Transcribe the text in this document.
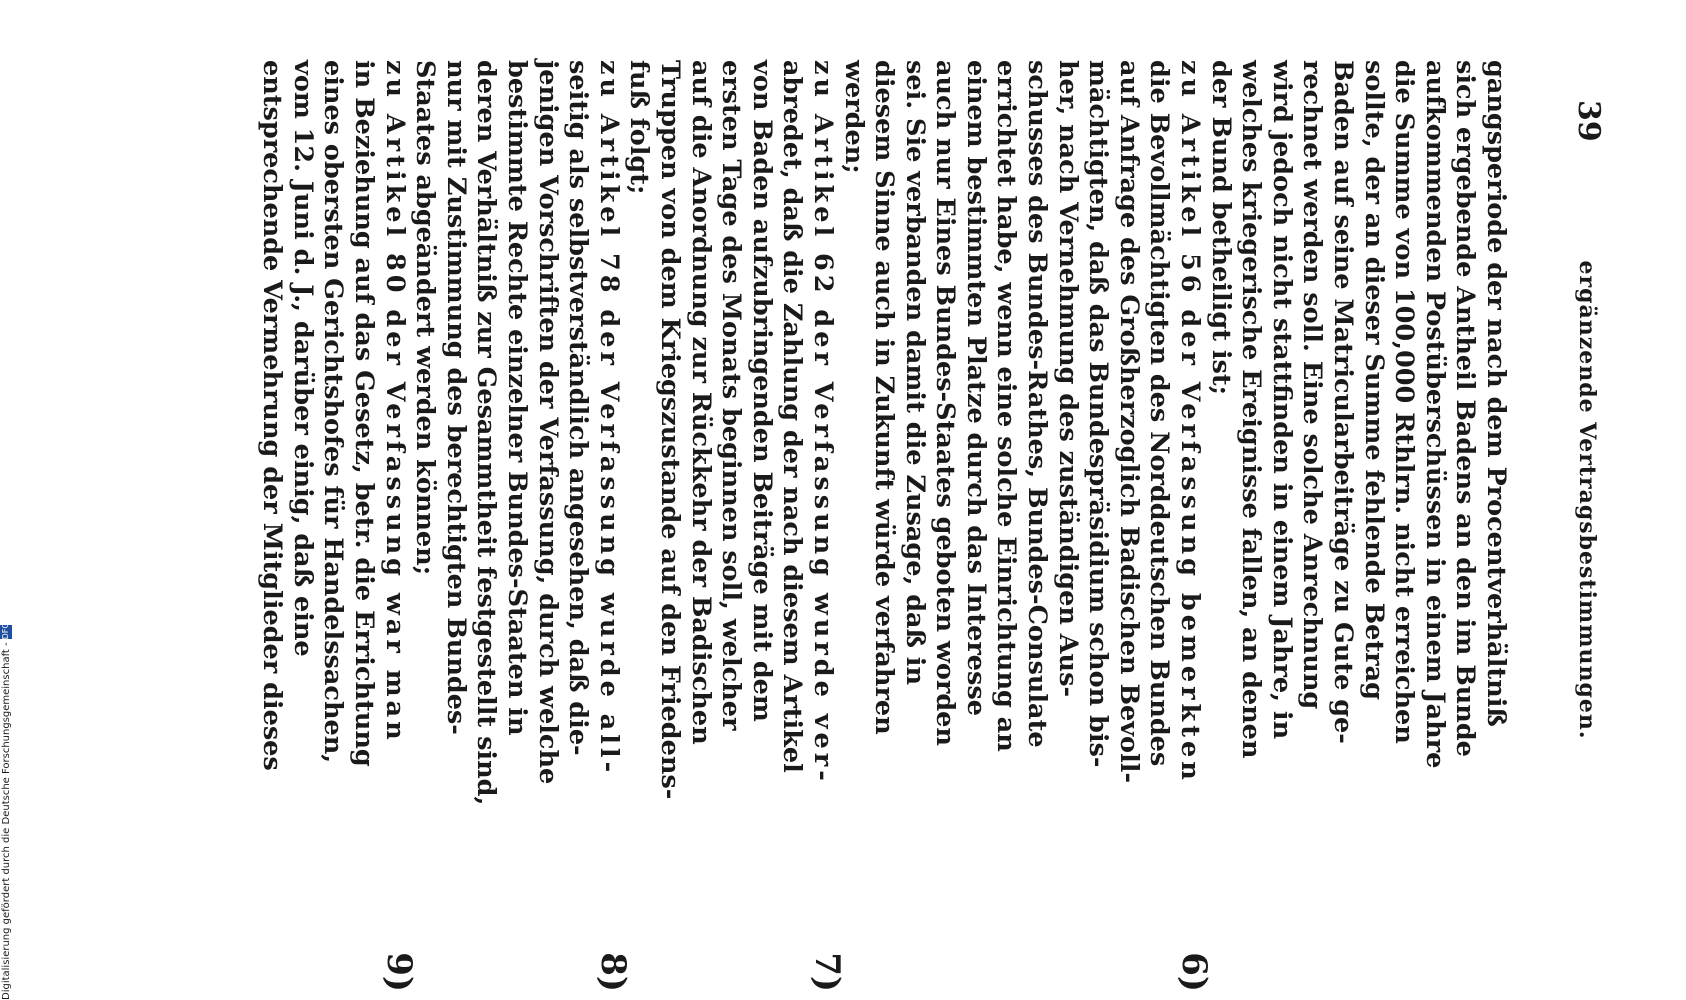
Digitalisierung gefördert durch die Deutsche Forschungsgemeinschaft -DFG
39
ergänzende Vertragsbestimmungen.
gangsperiode der nach dem Procentverhältniß
sich ergebende Antheil Badens an den im Bunde
aufkommenden Postüberschüssen in einem Jahre
die Summe von 100,000 Rthlrn. nicht erreichen
sollte, der an dieser Summe fehlende Betrag
Baden auf seine Matricularbeiträge zu Gute ge-
rechnet werden soll. Eine solche Anrechnung
wird jedoch nicht stattfinden in einem Jahre, in
welches kriegerische Ereignisse fallen, an denen
der Bund betheiligt ist;
6)
zu Artikel 56 der Verfassung bemerkten
die Bevollmächtigten des Norddeutschen Bundes
auf Anfrage des Großherzoglich Badischen Bevoll-
mächtigten, daß das Bundespräsidium schon bis-
her, nach Vernehmung des zuständigen Aus-
schusses des Bundes-Rathes, Bundes-Consulate
errichtet habe, wenn eine solche Einrichtung an
einem bestimmten Platze durch das Interesse
auch nur Eines Bundes-Staates geboten worden
sei. Sie verbanden damit die Zusage, daß in
diesem Sinne auch in Zukunft würde verfahren
werden;
7)
zu Artikel 62 der Verfassung wurde ver-
abredet, daß die Zahlung der nach diesem Artikel
von Baden aufzubringenden Beiträge mit dem
ersten Tage des Monats beginnen soll, welcher
auf die Anordnung zur Rückkehr der Badischen
Truppen von dem Kriegszustande auf den Friedens-
fuß folgt;
8)
zu Artikel 78 der Verfassung wurde all-
seitig als selbstverständlich angesehen, daß die-
jenigen Vorschriften der Verfassung, durch welche
bestimmte Rechte einzelner Bundes-Staaten in
deren Verhältniß zur Gesammtheit festgestellt sind,
nur mit Zustimmung des berechtigten Bundes-
Staates abgeändert werden können;
9)
zu Artikel 80 der Verfassung war man
in Beziehung auf das Gesetz, betr. die Errichtung
eines obersten Gerichtshofes für Handelssachen,
vom 12. Juni d. J., darüber einig, daß eine
entsprechende Vermehrung der Mitglieder dieses
